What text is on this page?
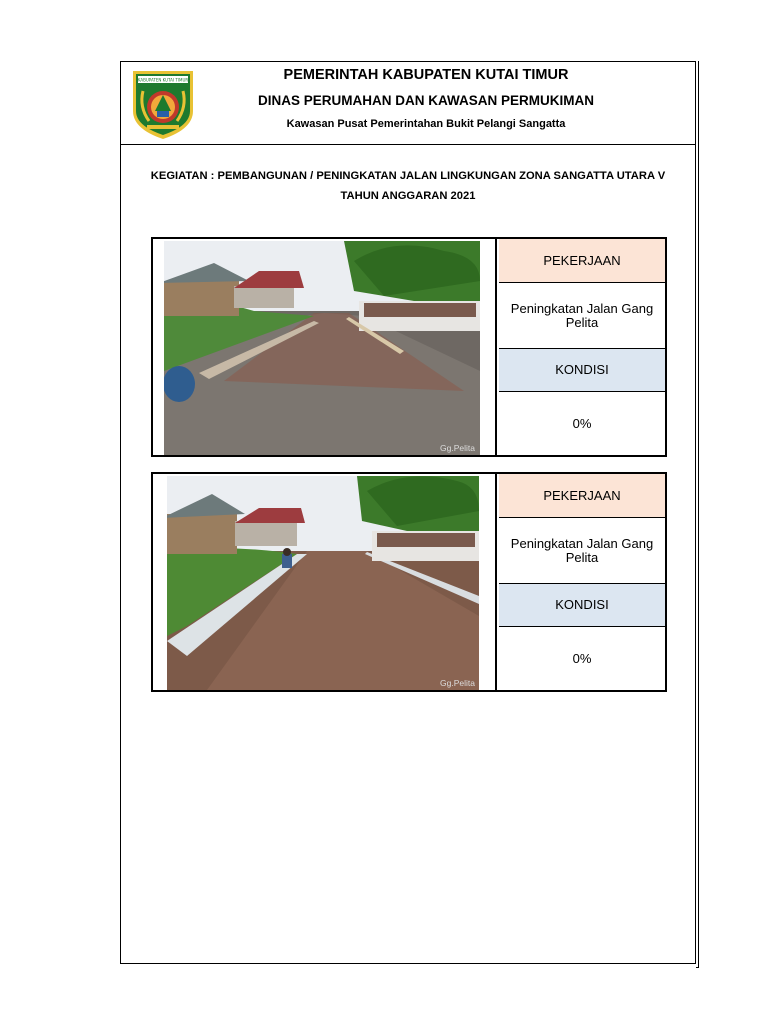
KABUPATEN KUTAI TIMUR	PEMERINTAH KABUPATEN KUTAI TIMUR
DINAS PERUMAHAN DAN KAWASAN PERMUKIMAN
Kawasan Pusat Pemerintahan Bukit Pelangi Sangatta
KEGIATAN : PEMBANGUNAN / PENINGKATAN JALAN LINGKUNGAN ZONA SANGATTA UTARA V
TAHUN ANGGARAN 2021
Gg.Pelita
PEKERJAAN
Peningkatan Jalan Gang Pelita
KONDISI
0%
Gg.Pelita
PEKERJAAN
Peningkatan Jalan Gang Pelita
KONDISI
0%
